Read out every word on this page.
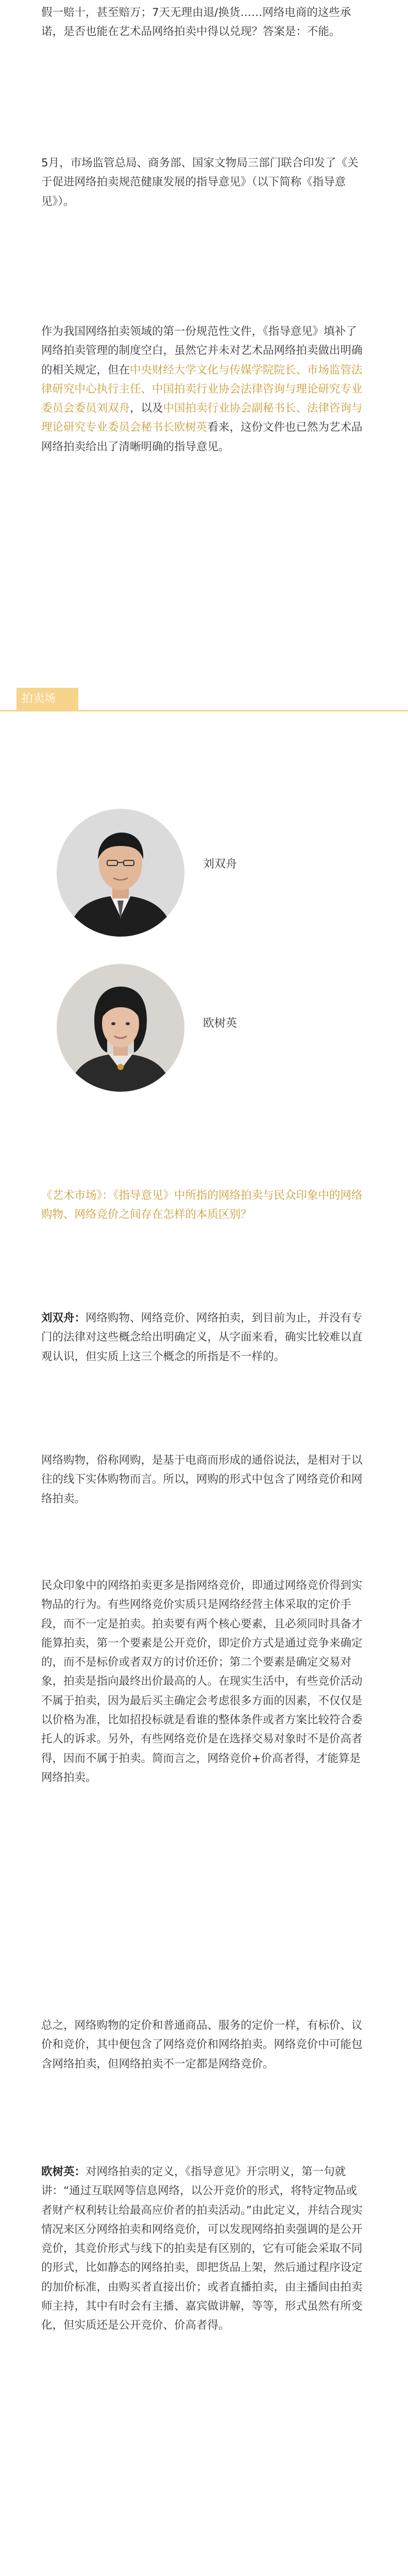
假一赔十，甚至赔万；7天无理由退/换货……网络电商的这些承诺，是否也能在艺术品网络拍卖中得以兑现？答案是：不能。

5月，市场监管总局、商务部、国家文物局三部门联合印发了《关于促进网络拍卖规范健康发展的指导意见》（以下简称《指导意见》）。

作为我国网络拍卖领域的第一份规范性文件，《指导意见》填补了网络拍卖管理的制度空白，虽然它并未对艺术品网络拍卖做出明确的相关规定，但在中央财经大学文化与传媒学院院长、市场监管法律研究中心执行主任、中国拍卖行业协会法律咨询与理论研究专业委员会委员刘双舟，以及中国拍卖行业协会副秘书长、法律咨询与理论研究专业委员会秘书长欧树英看来，这份文件也已然为艺术品网络拍卖给出了清晰明确的指导意见。

拍卖场
刘双舟
欧树英

《艺术市场》：《指导意见》中所指的网络拍卖与民众印象中的网络购物、网络竞价之间存在怎样的本质区别？

刘双舟：网络购物、网络竞价、网络拍卖，到目前为止，并没有专门的法律对这些概念给出明确定义，从字面来看，确实比较难以直观认识，但实质上这三个概念的所指是不一样的。

网络购物，俗称网购，是基于电商而形成的通俗说法，是相对于以往的线下实体购物而言。所以，网购的形式中包含了网络竞价和网络拍卖。

民众印象中的网络拍卖更多是指网络竞价，即通过网络竞价得到实物品的行为。有些网络竞价实质只是网络经营主体采取的定价手段，而不一定是拍卖。拍卖要有两个核心要素，且必须同时具备才能算拍卖，第一个要素是公开竞价，即定价方式是通过竞争来确定的，而不是标价或者双方的讨价还价；第二个要素是确定交易对象，拍卖是指向最终出价最高的人。在现实生活中，有些竞价活动不属于拍卖，因为最后买主确定会考虑很多方面的因素，不仅仅是以价格为准，比如招投标就是看谁的整体条件或者方案比较符合委托人的诉求。另外，有些网络竞价是在选择交易对象时不是价高者得，因而不属于拍卖。简而言之，网络竞价+价高者得，才能算是网络拍卖。

总之，网络购物的定价和普通商品、服务的定价一样，有标价、议价和竞价，其中便包含了网络竞价和网络拍卖。网络竞价中可能包含网络拍卖，但网络拍卖不一定都是网络竞价。

欧树英：对网络拍卖的定义，《指导意见》开宗明义，第一句就讲：“通过互联网等信息网络，以公开竞价的形式，将特定物品或者财产权利转让给最高应价者的拍卖活动。”由此定义，并结合现实情况来区分网络拍卖和网络竞价，可以发现网络拍卖强调的是公开竞价，其竞价形式与线下的拍卖是有区别的，它有可能会采取不同的形式，比如静态的网络拍卖，即把货品上架，然后通过程序设定的加价标准，由购买者直接出价；或者直播拍卖，由主播间由拍卖师主持，其中有时会有主播、嘉宾做讲解，等等，形式虽然有所变化，但实质还是公开竞价、价高者得。
